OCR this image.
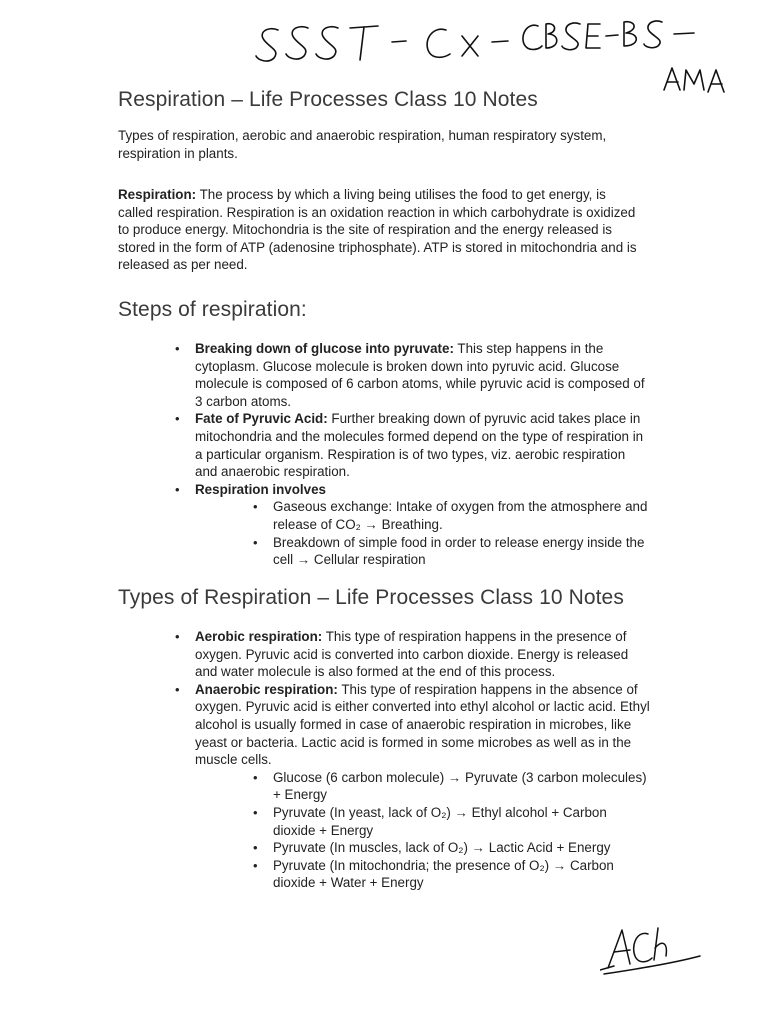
Respiration – Life Processes Class 10 Notes

Types of respiration, aerobic and anaerobic respiration, human respiratory system, respiration in plants.

Respiration: The process by which a living being utilises the food to get energy, is called respiration. Respiration is an oxidation reaction in which carbohydrate is oxidized to produce energy. Mitochondria is the site of respiration and the energy released is stored in the form of ATP (adenosine triphosphate). ATP is stored in mitochondria and is released as per need.

Steps of respiration:
• Breaking down of glucose into pyruvate: This step happens in the cytoplasm. Glucose molecule is broken down into pyruvic acid. Glucose molecule is composed of 6 carbon atoms, while pyruvic acid is composed of 3 carbon atoms.
• Fate of Pyruvic Acid: Further breaking down of pyruvic acid takes place in mitochondria and the molecules formed depend on the type of respiration in a particular organism. Respiration is of two types, viz. aerobic respiration and anaerobic respiration.
• Respiration involves
• Gaseous exchange: Intake of oxygen from the atmosphere and release of CO₂ → Breathing.
• Breakdown of simple food in order to release energy inside the cell → Cellular respiration
Types of Respiration – Life Processes Class 10 Notes
• Aerobic respiration: This type of respiration happens in the presence of oxygen. Pyruvic acid is converted into carbon dioxide. Energy is released and water molecule is also formed at the end of this process.
• Anaerobic respiration: This type of respiration happens in the absence of oxygen. Pyruvic acid is either converted into ethyl alcohol or lactic acid. Ethyl alcohol is usually formed in case of anaerobic respiration in microbes, like yeast or bacteria. Lactic acid is formed in some microbes as well as in the muscle cells.
• Glucose (6 carbon molecule) → Pyruvate (3 carbon molecules) + Energy
• Pyruvate (In yeast, lack of O₂) → Ethyl alcohol + Carbon dioxide + Energy
• Pyruvate (In muscles, lack of O₂) → Lactic Acid + Energy
• Pyruvate (In mitochondria; the presence of O₂) → Carbon dioxide + Water + Energy
